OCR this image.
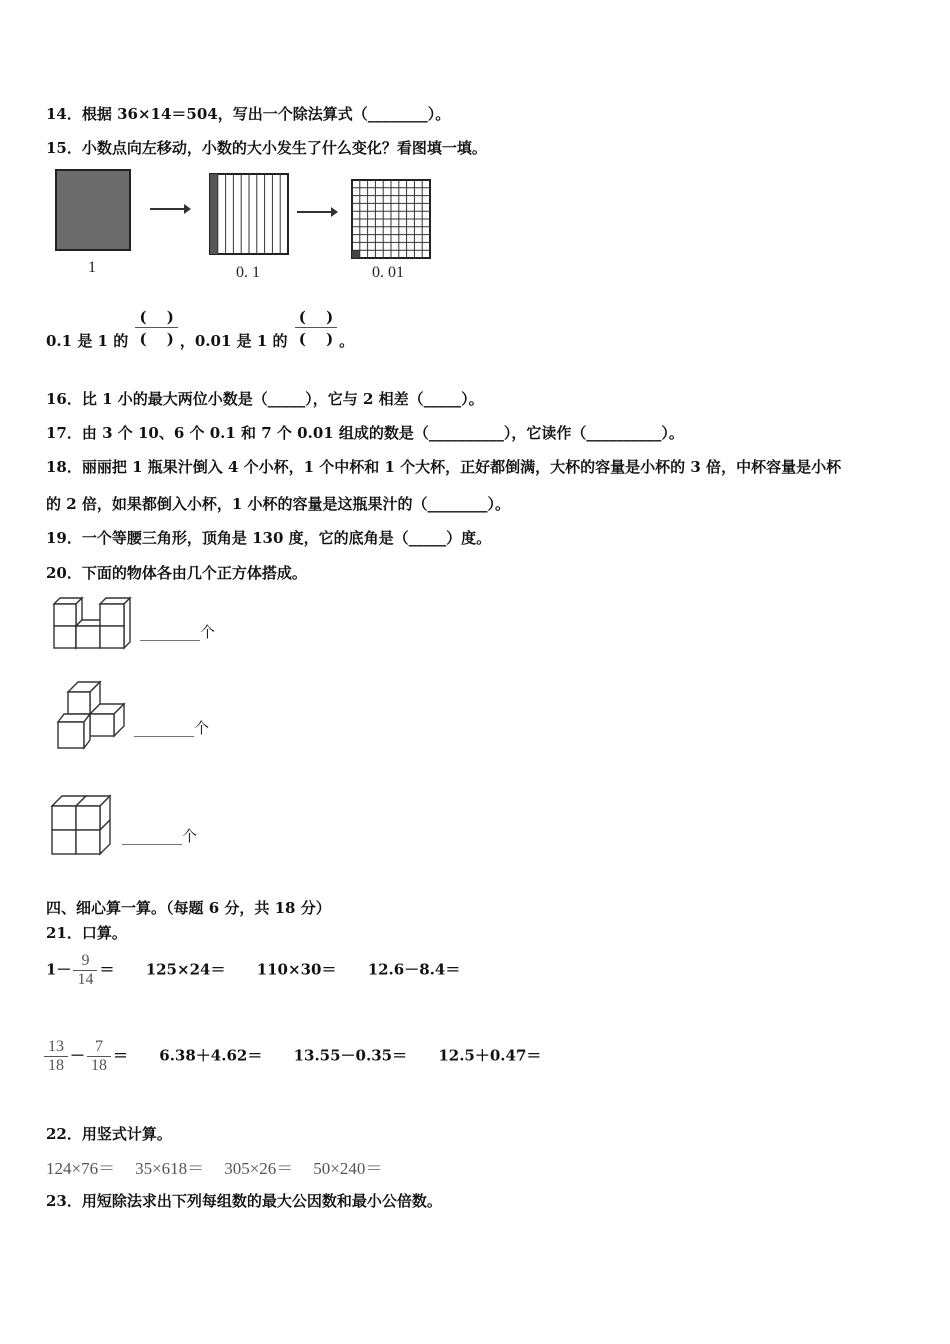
14．根据 36×14＝504，写出一个除法算式（________）。
15．小数点向左移动，小数的大小发生了什么变化？看图填一填。
1	0. 1	0. 01
0.1 是 1 的 $\frac{( )}{( )}$ ，0.01 是 1 的 $\frac{( )}{( )}$ 。
16．比 1 小的最大两位小数是（_____），它与 2 相差（_____）。
17．由 3 个 10、6 个 0.1 和 7 个 0.01 组成的数是（__________），它读作（__________）。
18．丽丽把 1 瓶果汁倒入 4 个小杯，1 个中杯和 1 个大杯，正好都倒满，大杯的容量是小杯的 3 倍，中杯容量是小杯
的 2 倍，如果都倒入小杯，1 小杯的容量是这瓶果汁的（________）。
19．一个等腰三角形，顶角是 130 度，它的底角是（_____）度。
20．下面的物体各由几个正方体搭成。
________个
________个
________个
四、细心算一算。（每题 6 分，共 18 分）
21．口算。
$1- \frac{9}{14} = 125\times 24= 110\times 30= 12.6-8.4=$
$\frac{13}{18} - \frac{7}{18} = 6.38+4.62= 13.55-0.35= 12.5+0.47=$
22．用竖式计算。
124×76＝ 35×618＝ 305×26＝ 50×240＝
23．用短除法求出下列每组数的最大公因数和最小公倍数。
